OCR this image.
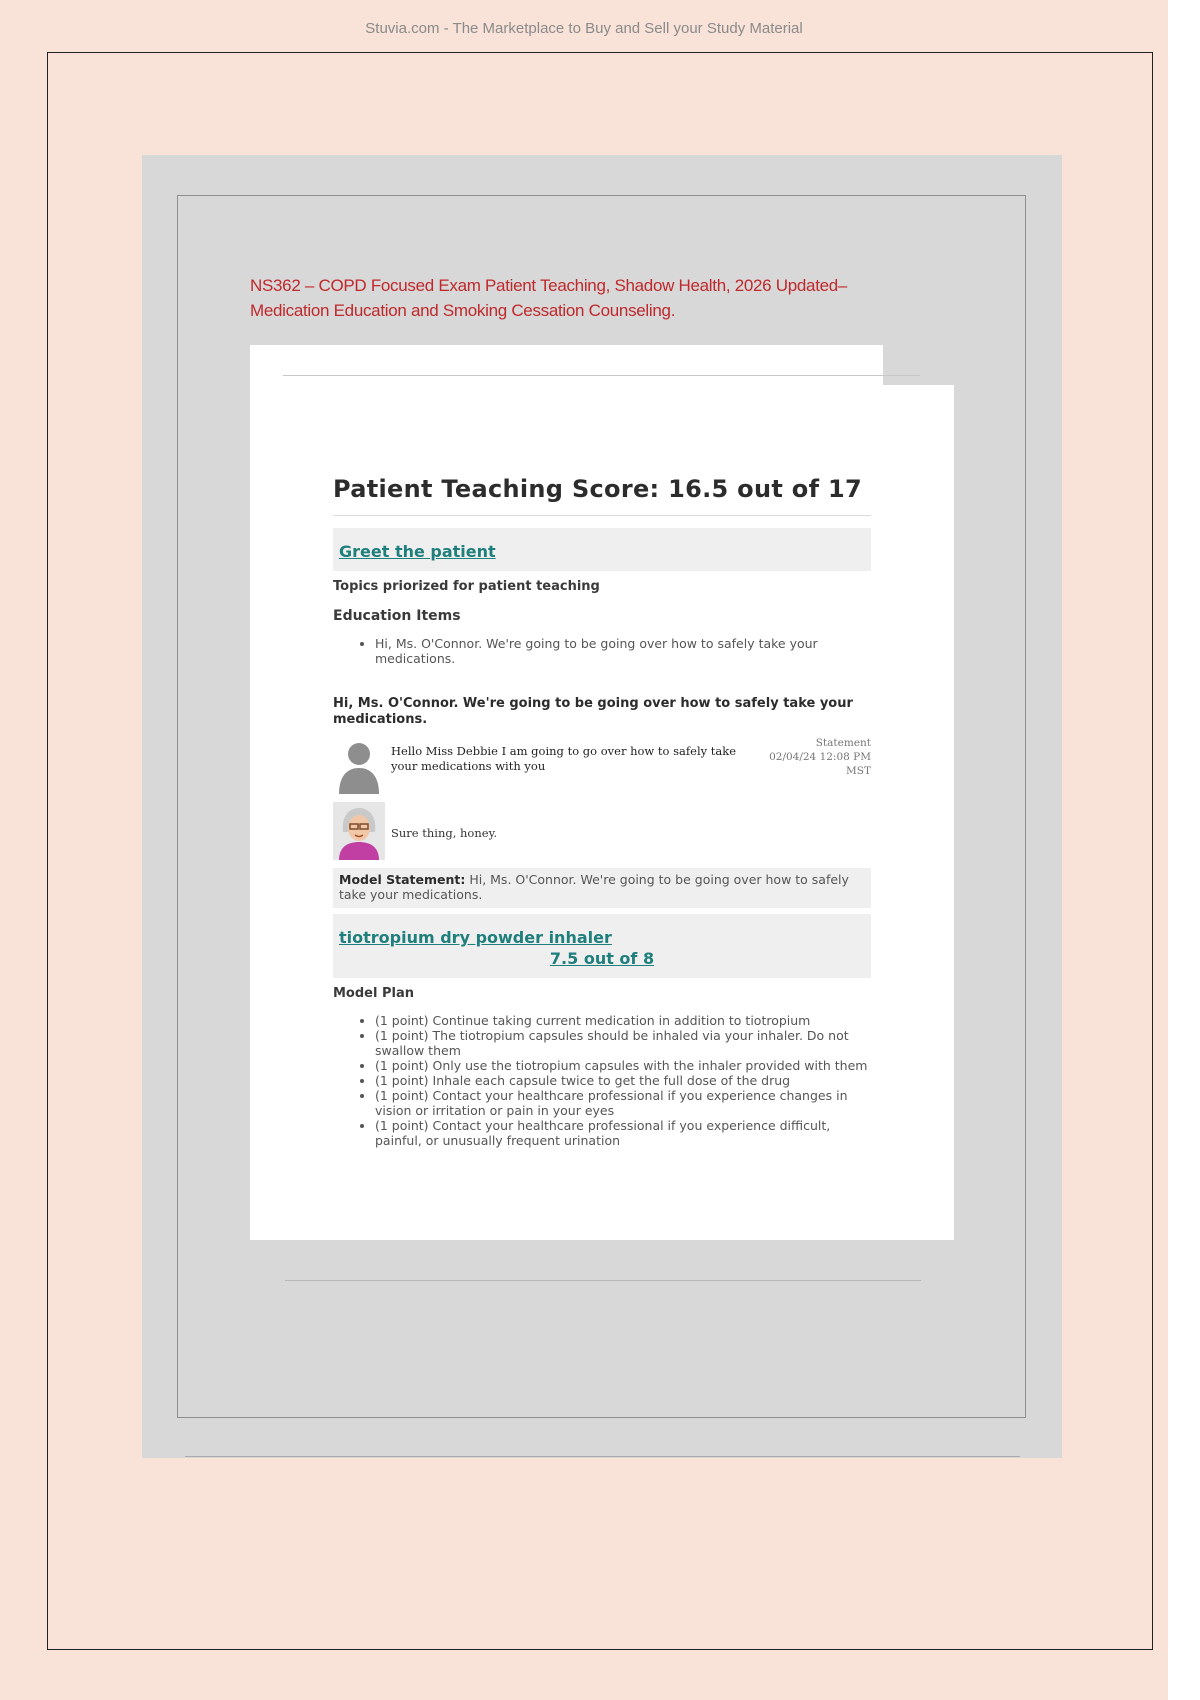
Stuvia.com - The Marketplace to Buy and Sell your Study Material
NS362 – COPD Focused Exam Patient Teaching, Shadow Health, 2026 Updated– Medication Education and Smoking Cessation Counseling.
Patient Teaching Score: 16.5 out of 17
Greet the patient
Topics priorized for patient teaching
Education Items
• Hi, Ms. O'Connor. We're going to be going over how to safely take your medications.
Hi, Ms. O'Connor. We're going to be going over how to safely take your medications.
Hello Miss Debbie I am going to go over how to safely take your medications with you
Statement
02/04/24 12:08 PM MST
Sure thing, honey.
Model Statement: Hi, Ms. O'Connor. We're going to be going over how to safely take your medications.
tiotropium dry powder inhaler
7.5 out of 8
Model Plan
• (1 point) Continue taking current medication in addition to tiotropium
• (1 point) The tiotropium capsules should be inhaled via your inhaler. Do not swallow them
• (1 point) Only use the tiotropium capsules with the inhaler provided with them
• (1 point) Inhale each capsule twice to get the full dose of the drug
• (1 point) Contact your healthcare professional if you experience changes in vision or irritation or pain in your eyes
• (1 point) Contact your healthcare professional if you experience difficult, painful, or unusually frequent urination
